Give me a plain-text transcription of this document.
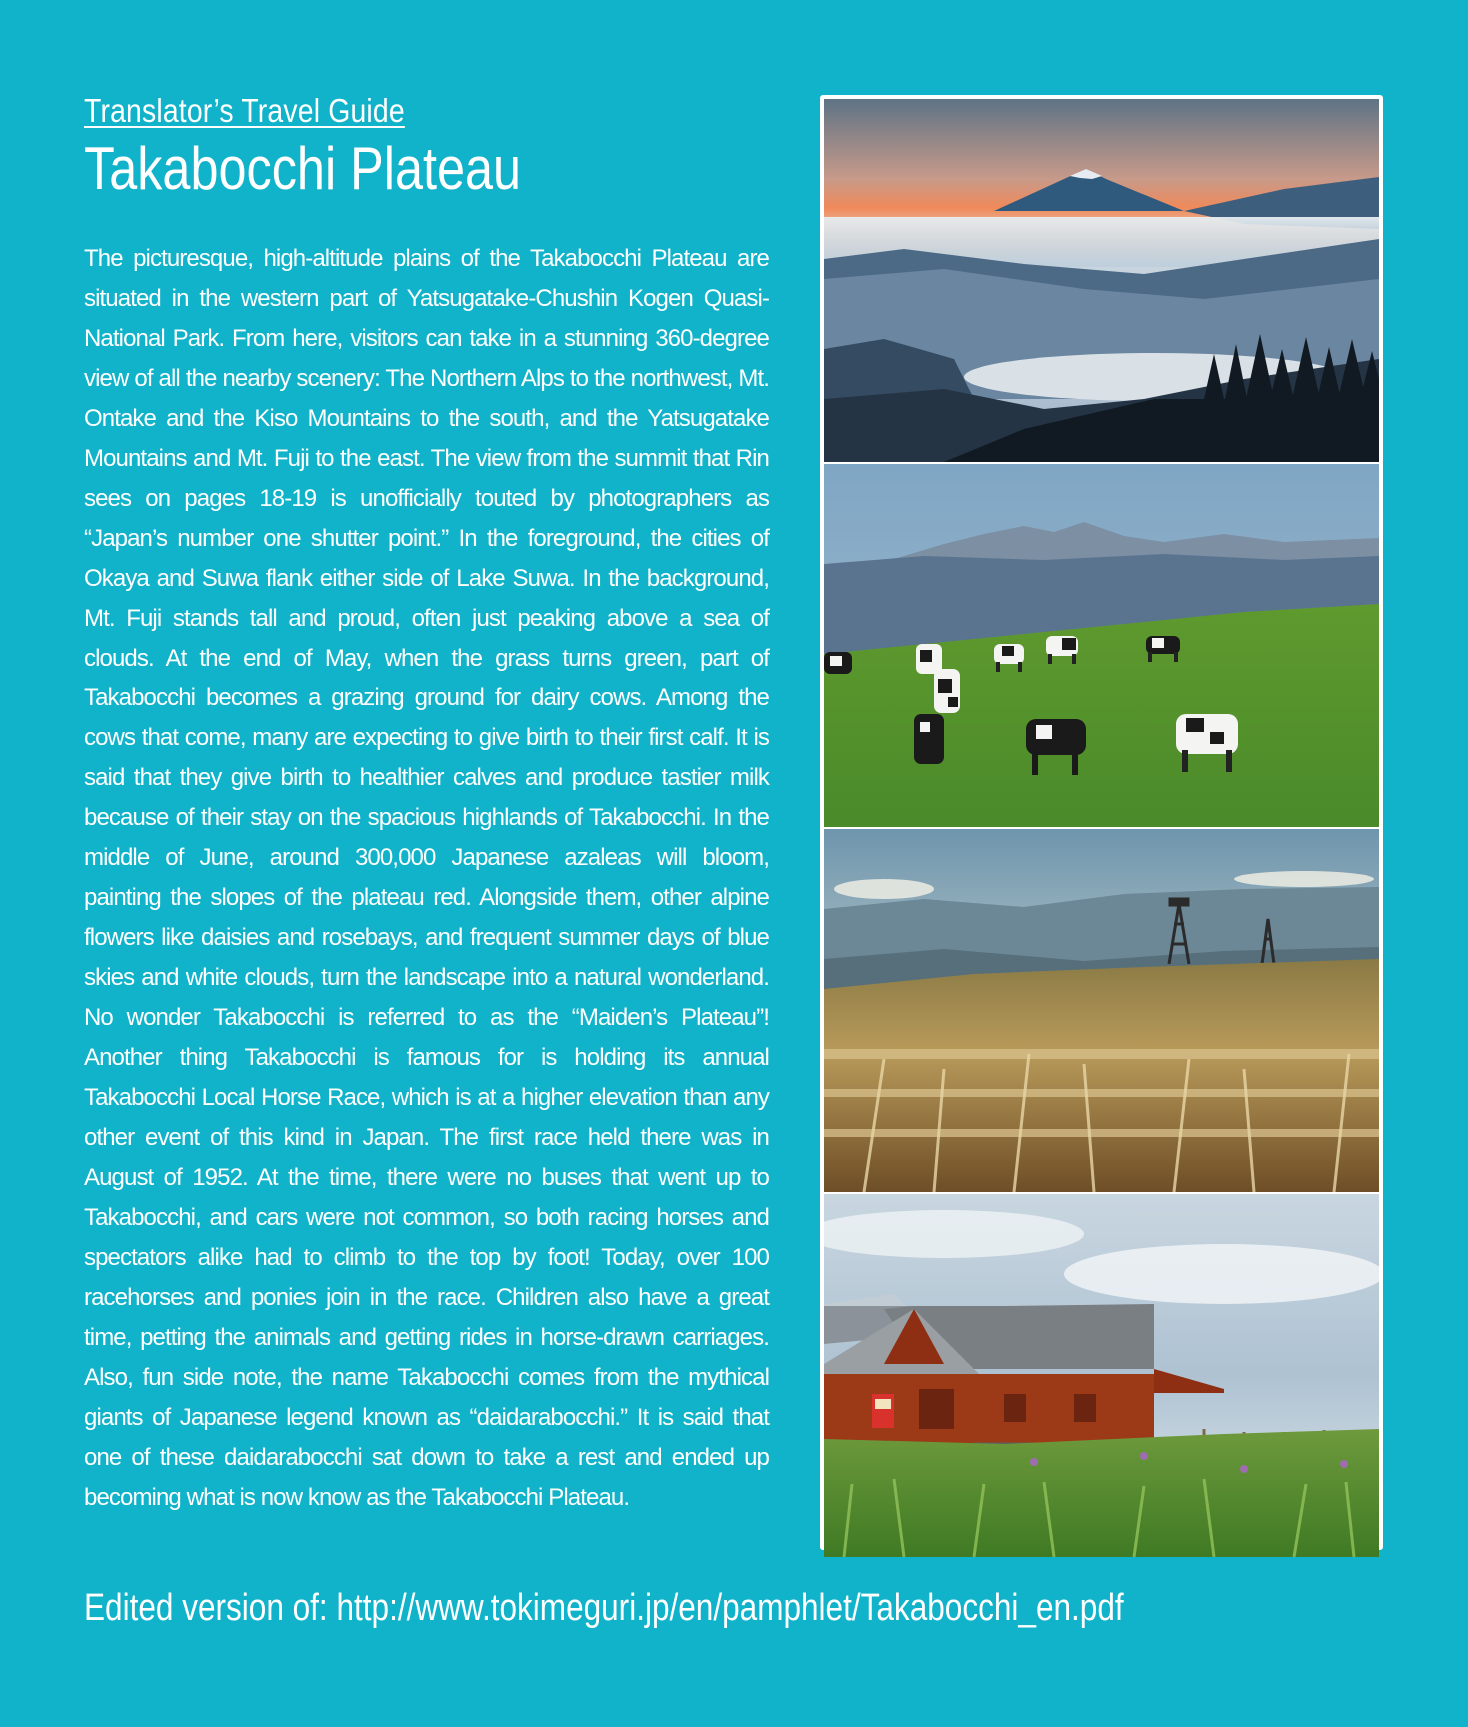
Translator’s Travel Guide

Takabocchi Plateau
The picturesque, high-altitude plains of the Takabocchi Plateau are situated in the western part of Yatsugatake-Chushin Kogen Quasi-National Park. From here, visitors can take in a stunning 360-degree view of all the nearby scenery: The Northern Alps to the northwest, Mt. Ontake and the Kiso Mountains to the south, and the Yatsugatake Mountains and Mt. Fuji to the east. The view from the summit that Rin sees on pages 18-19 is unofficially touted by photographers as “Japan’s number one shutter point.” In the foreground, the cities of Okaya and Suwa flank either side of Lake Suwa. In the background, Mt. Fuji stands tall and proud, often just peaking above a sea of clouds. At the end of May, when the grass turns green, part of Takabocchi becomes a grazing ground for dairy cows. Among the cows that come, many are expecting to give birth to their first calf. It is said that they give birth to healthier calves and produce tastier milk because of their stay on the spacious highlands of Takabocchi. In the middle of June, around 300,000 Japanese azaleas will bloom, painting the slopes of the plateau red. Alongside them, other alpine flowers like daisies and rosebays, and frequent summer days of blue skies and white clouds, turn the landscape into a natural wonderland. No wonder Takabocchi is referred to as the “Maiden’s Plateau”! Another thing Takabocchi is famous for is holding its annual Takabocchi Local Horse Race, which is at a higher elevation than any other event of this kind in Japan. The first race held there was in August of 1952. At the time, there were no buses that went up to Takabocchi, and cars were not common, so both racing horses and spectators alike had to climb to the top by foot! Today, over 100 racehorses and ponies join in the race. Children also have a great time, petting the animals and getting rides in horse-drawn carriages. Also, fun side note, the name Takabocchi comes from the mythical giants of Japanese legend known as “daidarabocchi.” It is said that one of these daidarabocchi sat down to take a rest and ended up becoming what is now know as the Takabocchi Plateau.
Edited version of: http://www.tokimeguri.jp/en/pamphlet/Takabocchi_en.pdf
